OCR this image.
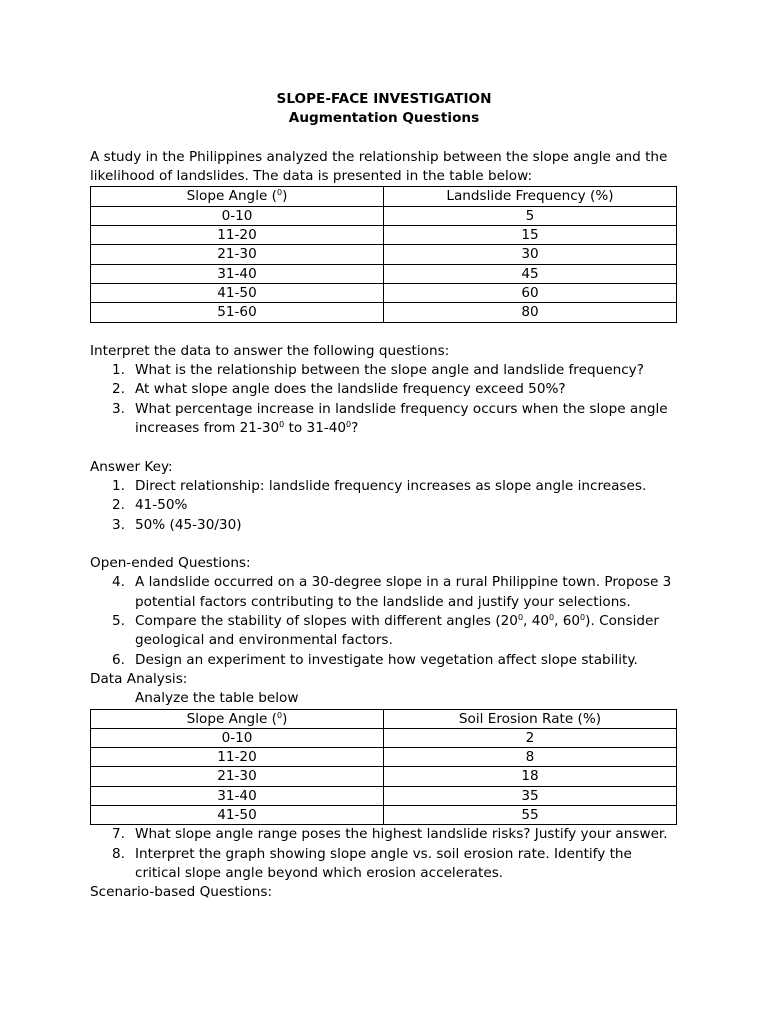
SLOPE-FACE INVESTIGATION

Augmentation Questions

A study in the Philippines analyzed the relationship between the slope angle and the likelihood of landslides. The data is presented in the table below:

Slope Angle ($^0$)	Landslide Frequency (%)
0-10	5
11-20	15
21-30	30
31-40	45
41-50	60
51-60	80

Interpret the data to answer the following questions:

1. What is the relationship between the slope angle and landslide frequency?
2. At what slope angle does the landslide frequency exceed 50%?
3. What percentage increase in landslide frequency occurs when the slope angle increases from $21-30^0$ to $31-40^0$?

Answer Key:

1. Direct relationship: landslide frequency increases as slope angle increases.
2. 41-50%
3. 50% (45-30/30)

Open-ended Questions:

4. A landslide occurred on a 30-degree slope in a rural Philippine town. Propose 3 potential factors contributing to the landslide and justify your selections.
5. Compare the stability of slopes with different angles ($20^0$, $40^0$, $60^0$). Consider geological and environmental factors.
6. Design an experiment to investigate how vegetation affect slope stability.

Data Analysis:

Analyze the table below

Slope Angle ($^0$)	Soil Erosion Rate (%)
0-10	2
11-20	8
21-30	18
31-40	35
41-50	55
7. What slope angle range poses the highest landslide risks? Justify your answer.
8. Interpret the graph showing slope angle vs. soil erosion rate. Identify the critical slope angle beyond which erosion accelerates.

Scenario-based Questions:
